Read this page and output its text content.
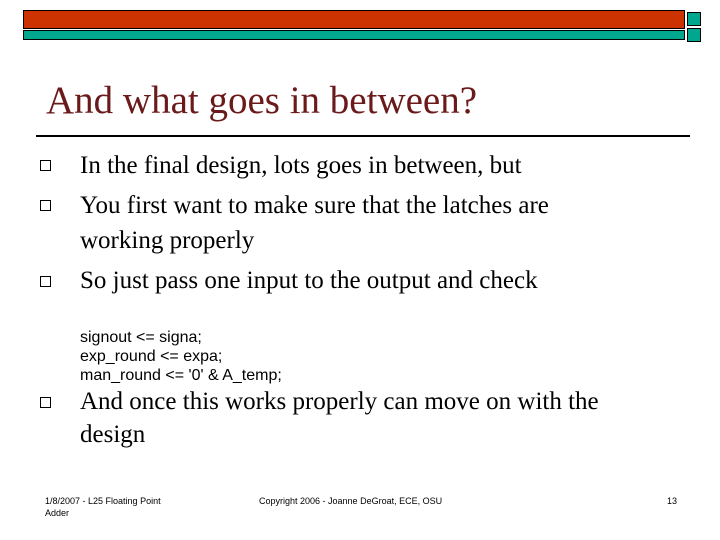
And what goes in between?
In the final design, lots goes in between, but
You first want to make sure that the latches are
working properly
So just pass one input to the output and check

signout <= signa;
exp_round <= expa;
man_round <= '0' & A_temp;

And once this works properly can move on with the
design
1/8/2007 - L25 Floating Point Adder
Copyright 2006 - Joanne DeGroat, ECE, OSU	13
